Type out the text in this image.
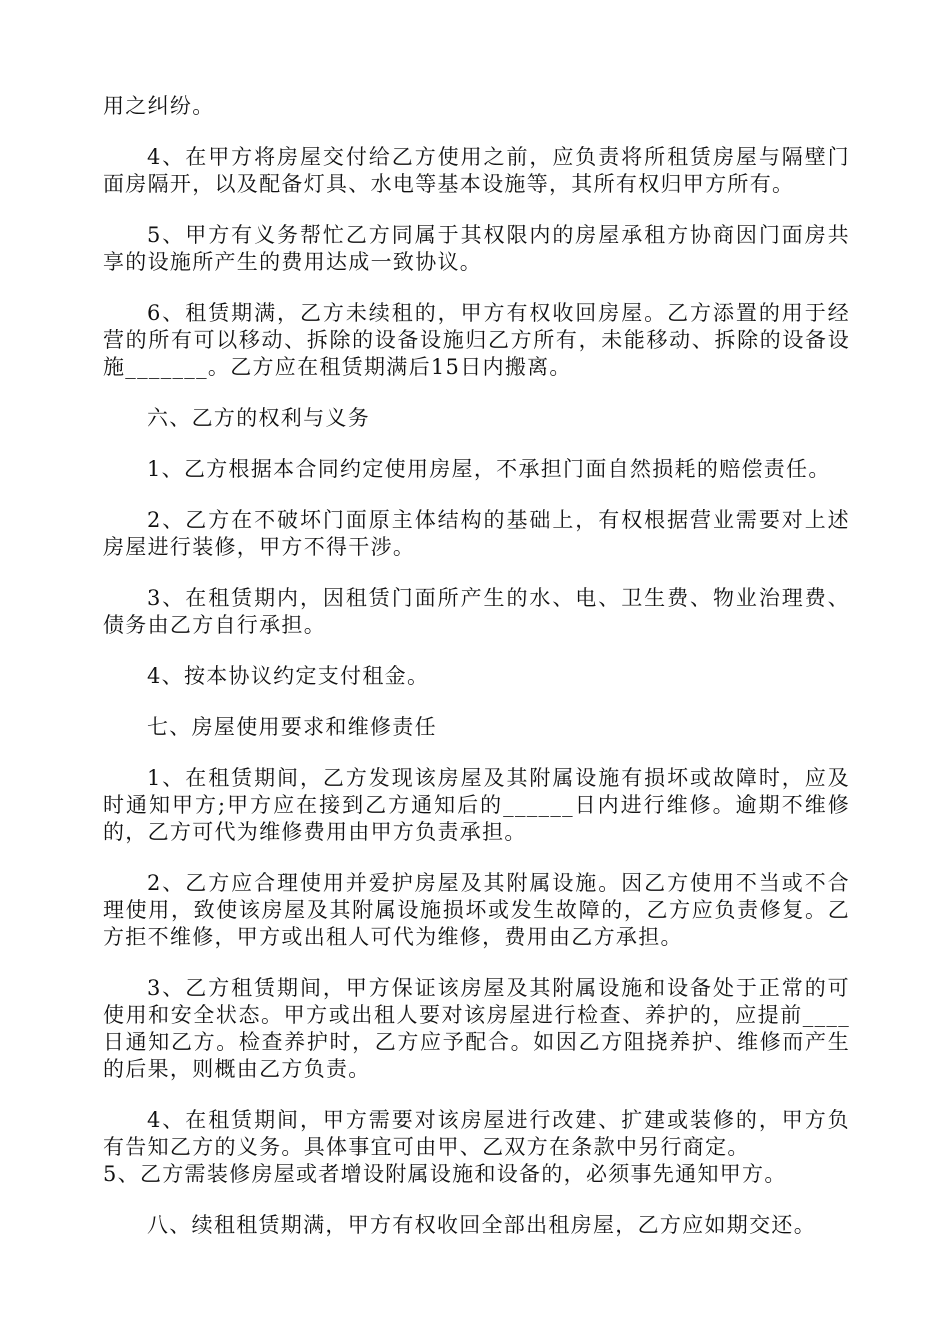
用之纠纷。

4、在甲方将房屋交付给乙方使用之前，应负责将所租赁房屋与隔壁门面房隔开，以及配备灯具、水电等基本设施等，其所有权归甲方所有。

5、甲方有义务帮忙乙方同属于其权限内的房屋承租方协商因门面房共享的设施所产生的费用达成一致协议。

6、租赁期满，乙方未续租的，甲方有权收回房屋。乙方添置的用于经营的所有可以移动、拆除的设备设施归乙方所有，未能移动、拆除的设备设施_______。乙方应在租赁期满后15日内搬离。

六、乙方的权利与义务

1、乙方根据本合同约定使用房屋，不承担门面自然损耗的赔偿责任。

2、乙方在不破坏门面原主体结构的基础上，有权根据营业需要对上述房屋进行装修，甲方不得干涉。

3、在租赁期内，因租赁门面所产生的水、电、卫生费、物业治理费、债务由乙方自行承担。

4、按本协议约定支付租金。

七、房屋使用要求和维修责任

1、在租赁期间，乙方发现该房屋及其附属设施有损坏或故障时，应及时通知甲方;甲方应在接到乙方通知后的______日内进行维修。逾期不维修的，乙方可代为维修费用由甲方负责承担。

2、乙方应合理使用并爱护房屋及其附属设施。因乙方使用不当或不合理使用，致使该房屋及其附属设施损坏或发生故障的，乙方应负责修复。乙方拒不维修，甲方或出租人可代为维修，费用由乙方承担。

3、乙方租赁期间，甲方保证该房屋及其附属设施和设备处于正常的可使用和安全状态。甲方或出租人要对该房屋进行检查、养护的，应提前____日通知乙方。检查养护时，乙方应予配合。如因乙方阻挠养护、维修而产生的后果，则概由乙方负责。

4、在租赁期间，甲方需要对该房屋进行改建、扩建或装修的，甲方负有告知乙方的义务。具体事宜可由甲、乙双方在条款中另行商定。

5、乙方需装修房屋或者增设附属设施和设备的，必须事先通知甲方。

八、续租租赁期满，甲方有权收回全部出租房屋，乙方应如期交还。
